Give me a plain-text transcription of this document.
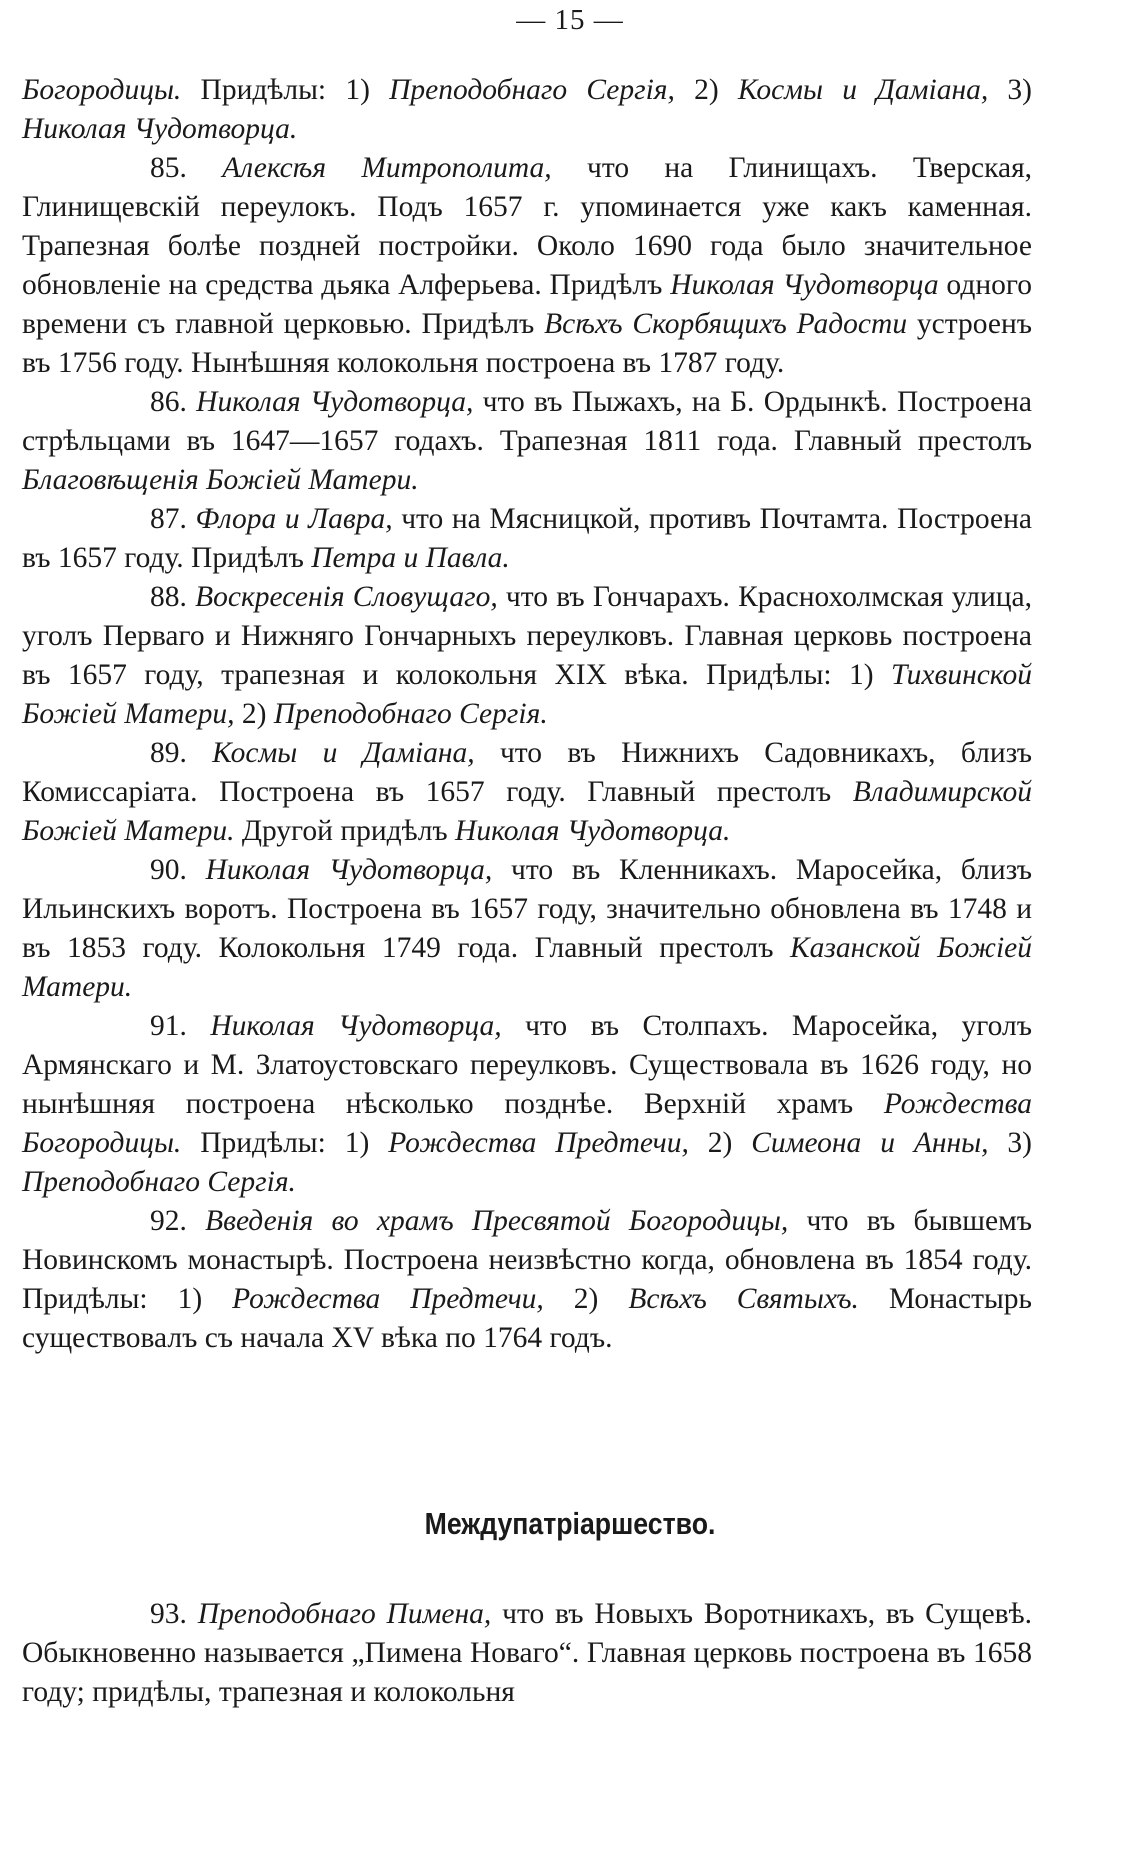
— 15 —

Богородицы. Придѣлы: 1) Преподобнаго Сергія, 2) Космы и Даміана, 3) Николая Чудотворца.

85. Алексѣя Митрополита, что на Глинищахъ. Тверская, Глинищевскій переулокъ. Подъ 1657 г. упоминается уже какъ каменная. Трапезная болѣе поздней постройки. Около 1690 года было значительное обновленіе на средства дьяка Алферьева. Придѣлъ Николая Чудотворца одного времени съ главной церковью. Придѣлъ Всѣхъ Скорбящихъ Радости устроенъ въ 1756 году. Нынѣшняя колокольня построена въ 1787 году.

86. Николая Чудотворца, что въ Пыжахъ, на Б. Ордынкѣ. Построена стрѣльцами въ 1647—1657 годахъ. Трапезная 1811 года. Главный престолъ Благовѣщенія Божіей Матери.

87. Флора и Лавра, что на Мясницкой, противъ Почтамта. Построена въ 1657 году. Придѣлъ Петра и Павла.

88. Воскресенія Словущаго, что въ Гончарахъ. Краснохолмская улица, уголъ Перваго и Нижняго Гончарныхъ переулковъ. Главная церковь построена въ 1657 году, трапезная и колокольня XIX вѣка. Придѣлы: 1) Тихвинской Божіей Матери, 2) Преподобнаго Сергія.

89. Космы и Даміана, что въ Нижнихъ Садовникахъ, близъ Комиссаріата. Построена въ 1657 году. Главный престолъ Владимирской Божіей Матери. Другой придѣлъ Николая Чудотворца.

90. Николая Чудотворца, что въ Кленникахъ. Маросейка, близъ Ильинскихъ воротъ. Построена въ 1657 году, значительно обновлена въ 1748 и въ 1853 году. Колокольня 1749 года. Главный престолъ Казанской Божіей Матери.

91. Николая Чудотворца, что въ Столпахъ. Маросейка, уголъ Армянскаго и М. Златоустовскаго переулковъ. Существовала въ 1626 году, но нынѣшняя построена нѣсколько позднѣе. Верхній храмъ Рождества Богородицы. Придѣлы: 1) Рождества Предтечи, 2) Симеона и Анны, 3) Преподобнаго Сергія.

92. Введенія во храмъ Пресвятой Богородицы, что въ бывшемъ Новинскомъ монастырѣ. Построена неизвѣстно когда, обновлена въ 1854 году. Придѣлы: 1) Рождества Предтечи, 2) Всѣхъ Святыхъ. Монастырь существовалъ съ начала XV вѣка по 1764 годъ.

Междупатріаршество.

93. Преподобнаго Пимена, что въ Новыхъ Воротникахъ, въ Сущевѣ. Обыкновенно называется „Пимена Новаго“. Главная церковь построена въ 1658 году; придѣлы, трапезная и колокольня
